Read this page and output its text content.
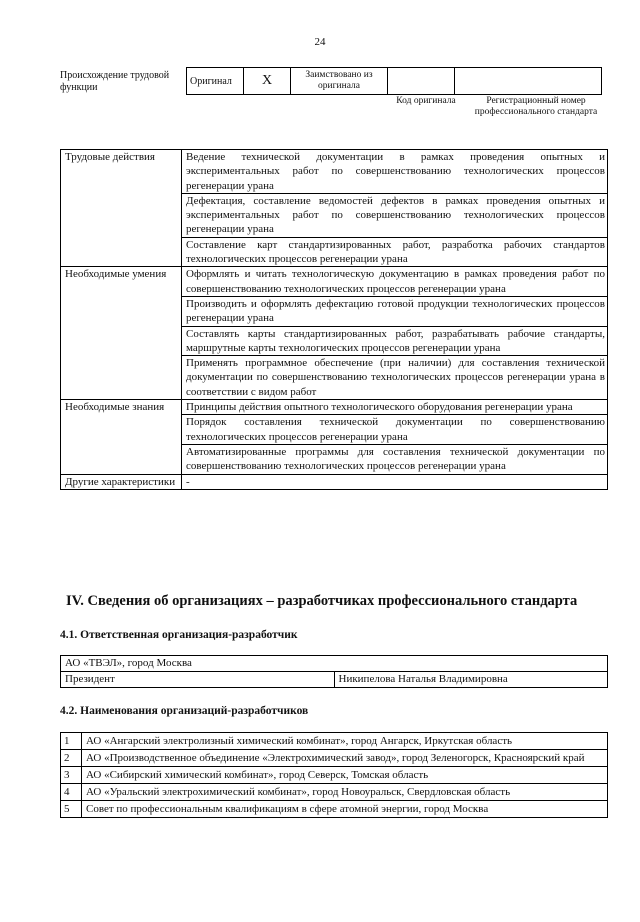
24
Происхождение трудовой функции
Оригинал	X	Заимствовано из оригинала		
Код оригинала	Регистрационный номер профессионального стандарта
Трудовые действия	Ведение технической документации в рамках проведения опытных и экспериментальных работ по совершенствованию технологических процессов регенерации урана
	Дефектация, составление ведомостей дефектов в рамках проведения опытных и экспериментальных работ по совершенствованию технологических процессов регенерации урана
	Составление карт стандартизированных работ, разработка рабочих стандартов технологических процессов регенерации урана
Необходимые умения	Оформлять и читать технологическую документацию в рамках проведения работ по совершенствованию технологических процессов регенерации урана
	Производить и оформлять дефектацию готовой продукции технологических процессов регенерации урана
	Составлять карты стандартизированных работ, разрабатывать рабочие стандарты, маршрутные карты технологических процессов регенерации урана
	Применять программное обеспечение (при наличии) для составления технической документации по совершенствованию технологических процессов регенерации урана в соответствии с видом работ
Необходимые знания	Принципы действия опытного технологического оборудования регенерации урана
	Порядок составления технической документации по совершенствованию технологических процессов регенерации урана
	Автоматизированные программы для составления технической документации по совершенствованию технологических процессов регенерации урана
Другие характеристики	-
IV. Сведения об организациях – разработчиках профессионального стандарта
4.1. Ответственная организация-разработчик
АО «ТВЭЛ», город Москва
Президент	Никипелова Наталья Владимировна
4.2. Наименования организаций-разработчиков
1	АО «Ангарский электролизный химический комбинат», город Ангарск, Иркутская область
2	АО «Производственное объединение «Электрохимический завод», город Зеленогорск, Красноярский край
3	АО «Сибирский химический комбинат», город Северск, Томская область
4	АО «Уральский электрохимический комбинат», город Новоуральск, Свердловская область
5	Совет по профессиональным квалификациям в сфере атомной энергии, город Москва
